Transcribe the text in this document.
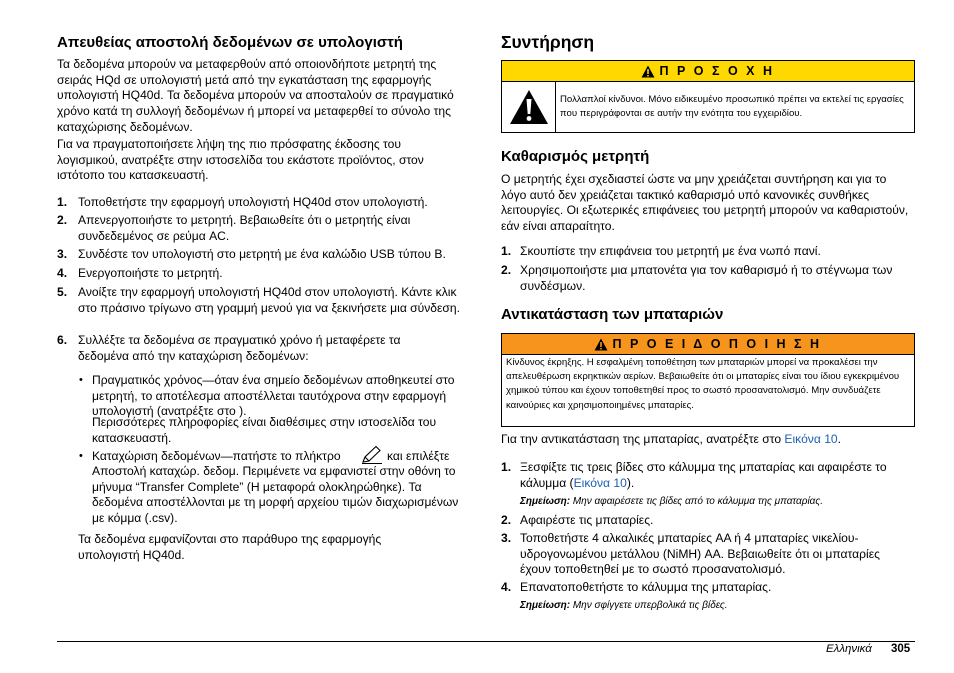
Απευθείας αποστολή δεδομένων σε υπολογιστή

Τα δεδομένα μπορούν να μεταφερθούν από οποιονδήποτε μετρητή της σειράς HQd σε υπολογιστή μετά από την εγκατάσταση της εφαρμογής υπολογιστή HQ40d. Τα δεδομένα μπορούν να αποσταλούν σε πραγματικό χρόνο κατά τη συλλογή δεδομένων ή μπορεί να μεταφερθεί το σύνολο της καταχώρισης δεδομένων.

Για να πραγματοποιήσετε λήψη της πιο πρόσφατης έκδοσης του λογισμικού, ανατρέξτε στην ιστοσελίδα του εκάστοτε προϊόντος, στον ιστότοπο του κατασκευαστή.

1. Τοποθετήστε την εφαρμογή υπολογιστή HQ40d στον υπολογιστή.
2. Απενεργοποιήστε το μετρητή. Βεβαιωθείτε ότι ο μετρητής είναι συνδεδεμένος σε ρεύμα AC.
3. Συνδέστε τον υπολογιστή στο μετρητή με ένα καλώδιο USB τύπου B.
4. Ενεργοποιήστε το μετρητή.
5. Ανοίξτε την εφαρμογή υπολογιστή HQ40d στον υπολογιστή. Κάντε κλικ στο πράσινο τρίγωνο στη γραμμή μενού για να ξεκινήσετε μια σύνδεση.
6. Συλλέξτε τα δεδομένα σε πραγματικό χρόνο ή μεταφέρετε τα δεδομένα από την καταχώριση δεδομένων:
• Πραγματικός χρόνος—όταν ένα σημείο δεδομένων αποθηκευτεί στο μετρητή, το αποτέλεσμα αποστέλλεται ταυτόχρονα στην εφαρμογή υπολογιστή (ανατρέξτε στο ).
Περισσότερες πληροφορίες είναι διαθέσιμες στην ιστοσελίδα του κατασκευαστή.
• Καταχώριση δεδομένων—πατήστε το πλήκτρο	και επιλέξτε
Αποστολή καταχώρ. δεδομ. Περιμένετε να εμφανιστεί στην οθόνη το μήνυμα “Transfer Complete” (Η μεταφορά ολοκληρώθηκε). Τα δεδομένα αποστέλλονται με τη μορφή αρχείου τιμών διαχωρισμένων με κόμμα (.csv).

Τα δεδομένα εμφανίζονται στο παράθυρο της εφαρμογής υπολογιστή HQ40d.

Συντήρηση
Π Ρ Ο Σ Ο Χ Η
Πολλαπλοί κίνδυνοι. Μόνο ειδικευμένο προσωπικό πρέπει να εκτελεί τις εργασίες που περιγράφονται σε αυτήν την ενότητα του εγχειριδίου.
Καθαρισμός μετρητή

Ο μετρητής έχει σχεδιαστεί ώστε να μην χρειάζεται συντήρηση και για το λόγο αυτό δεν χρειάζεται τακτικό καθαρισμό υπό κανονικές συνθήκες λειτουργίες. Οι εξωτερικές επιφάνειες του μετρητή μπορούν να καθαριστούν, εάν είναι απαραίτητο.

1. Σκουπίστε την επιφάνεια του μετρητή με ένα νωπό πανί.
2. Χρησιμοποιήστε μια μπατονέτα για τον καθαρισμό ή το στέγνωμα των συνδέσμων.
Αντικατάσταση των μπαταριών
Π Ρ Ο Ε Ι Δ Ο Π Ο Ι Η Σ Η
Κίνδυνος έκρηξης. Η εσφαλμένη τοποθέτηση των μπαταριών μπορεί να προκαλέσει την απελευθέρωση εκρηκτικών αερίων. Βεβαιωθείτε ότι οι μπαταρίες είναι του ίδιου εγκεκριμένου χημικού τύπου και έχουν τοποθετηθεί προς το σωστό προσανατολισμό. Μην συνδυάζετε καινούριες και χρησιμοποιημένες μπαταρίες.

Για την αντικατάσταση της μπαταρίας, ανατρέξτε στο Εικόνα 10.

1. Ξεσφίξτε τις τρεις βίδες στο κάλυμμα της μπαταρίας και αφαιρέστε το κάλυμμα (Εικόνα 10).
Σημείωση: Μην αφαιρέσετε τις βίδες από το κάλυμμα της μπαταρίας.
2. Αφαιρέστε τις μπαταρίες.
3. Τοποθετήστε 4 αλκαλικές μπαταρίες AA ή 4 μπαταρίες νικελίου-υδρογονωμένου μετάλλου (NiMH) AA. Βεβαιωθείτε ότι οι μπαταρίες έχουν τοποθετηθεί με το σωστό προσανατολισμό.
4. Επανατοποθετήστε το κάλυμμα της μπαταρίας.
Σημείωση: Μην σφίγγετε υπερβολικά τις βίδες.
Ελληνικά 305
